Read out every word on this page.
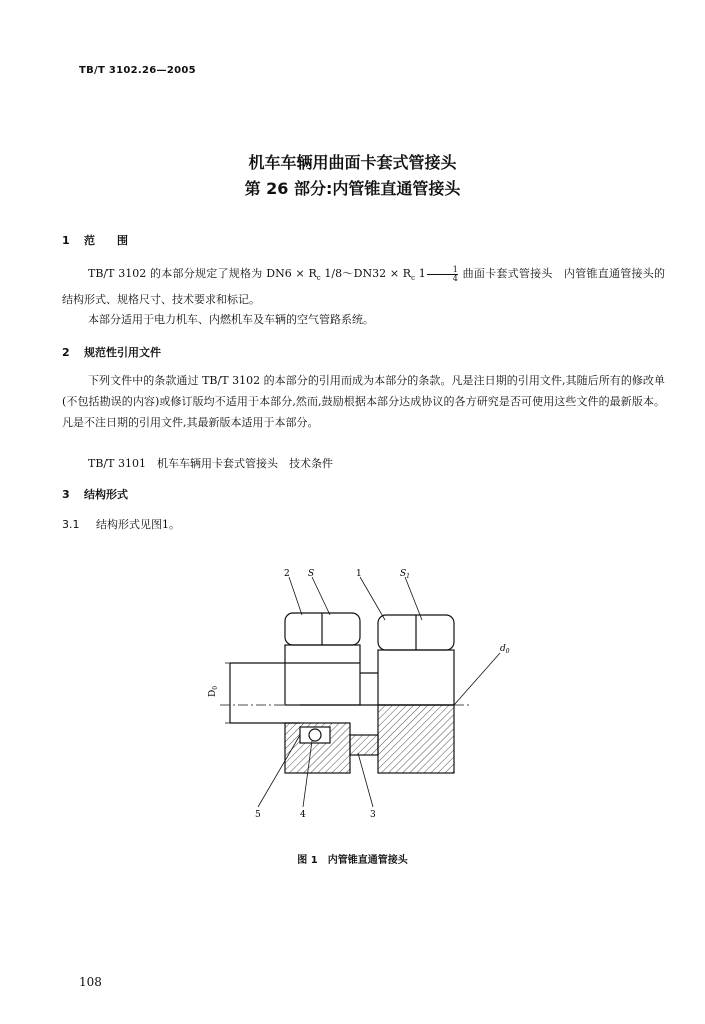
TB/T 3102.26—2005
机车车辆用曲面卡套式管接头
第 26 部分:内管锥直通管接头
1 范　　围
TB/T 3102 的本部分规定了规格为 $DN6 \times R_c$ 1/8～DN32 × $R_c$ $1 \frac{1}{4}$ 曲面卡套式管接头　内管锥直通管接头的结构形式、规格尺寸、技术要求和标记。
本部分适用于电力机车、内燃机车及车辆的空气管路系统。
2 规范性引用文件
下列文件中的条款通过 TB/T 3102 的本部分的引用而成为本部分的条款。凡是注日期的引用文件,其随后所有的修改单(不包括勘误的内容)或修订版均不适用于本部分,然而,鼓励根据本部分达成协议的各方研究是否可使用这些文件的最新版本。凡是不注日期的引用文件,其最新版本适用于本部分。
TB/T 3101　机车车辆用卡套式管接头　技术条件
3 结构形式
3.1 结构形式见图1。
$D_0$
2 S	1	$S_1$
$d_0$
5	4	3
图 1　内管锥直通管接头
108
